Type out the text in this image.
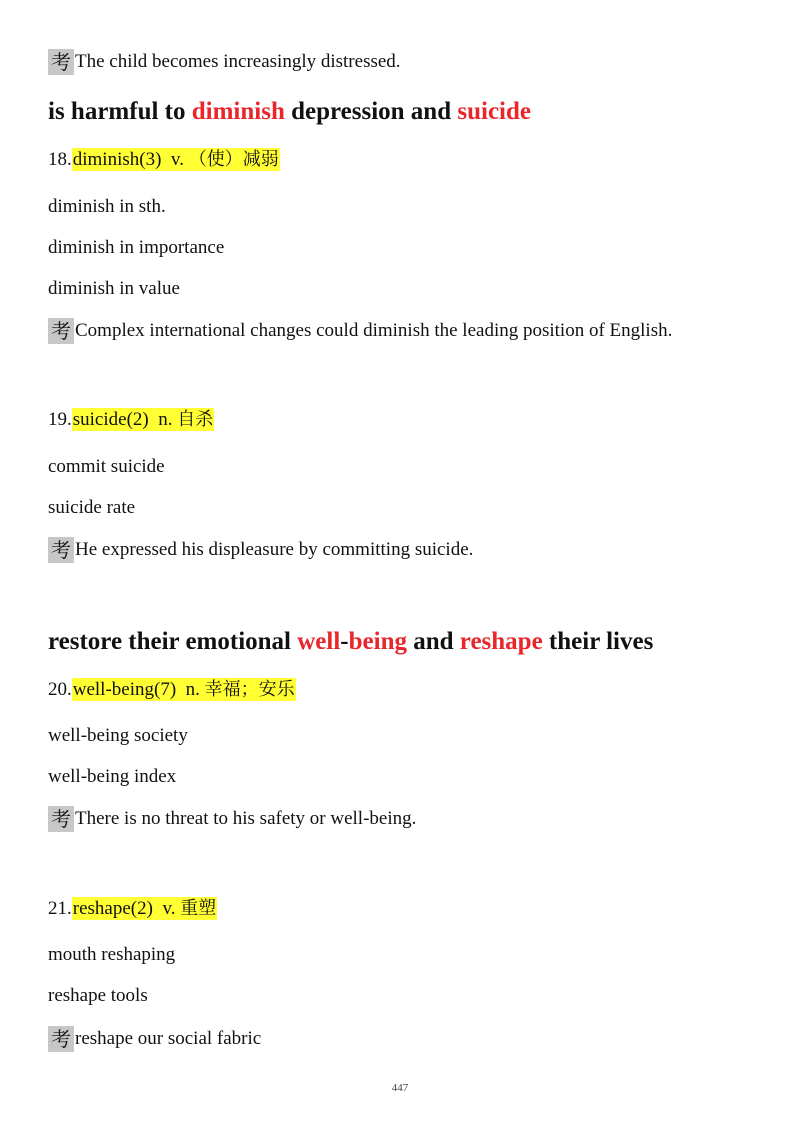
考 The child becomes increasingly distressed.
is harmful to diminish depression and suicide
18.diminish(3) v. （使）减弱
diminish in sth.
diminish in importance
diminish in value
考 Complex international changes could diminish the leading position of English.
19.suicide(2) n. 自杀
commit suicide
suicide rate
考 He expressed his displeasure by committing suicide.
restore their emotional well-being and reshape their lives
20.well-being(7) n. 幸福；安乐
well-being society
well-being index
考 There is no threat to his safety or well-being.
21.reshape(2) v. 重塑
mouth reshaping
reshape tools
考 reshape our social fabric
447
